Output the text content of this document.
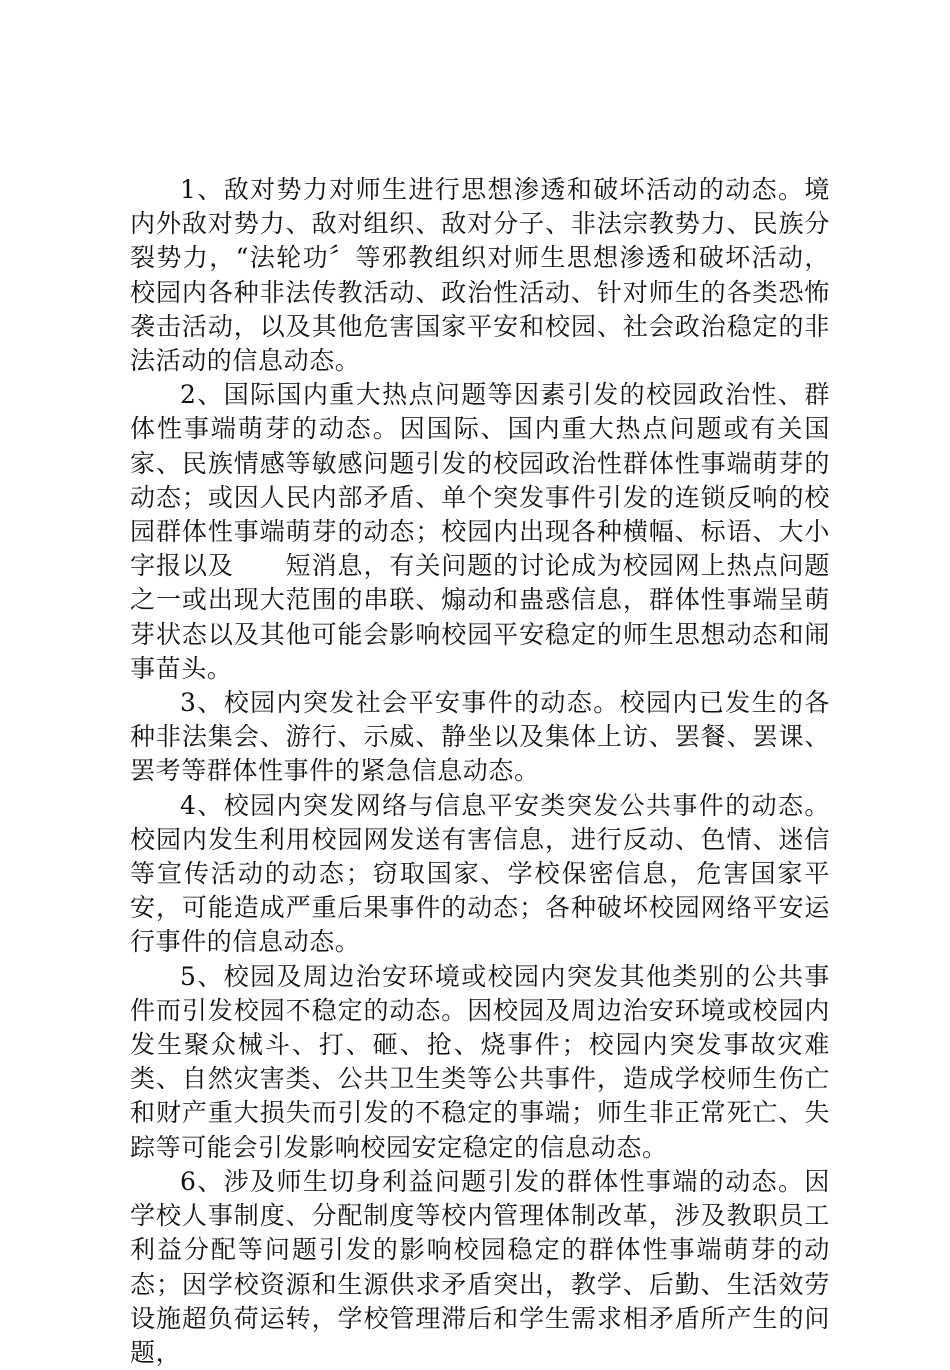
1、敌对势力对师生进行思想渗透和破坏活动的动态。境内外敌对势力、敌对组织、敌对分子、非法宗教势力、民族分裂势力，“法轮功〞等邪教组织对师生思想渗透和破坏活动，校园内各种非法传教活动、政治性活动、针对师生的各类恐怖袭击活动，以及其他危害国家平安和校园、社会政治稳定的非法活动的信息动态。

2、国际国内重大热点问题等因素引发的校园政治性、群体性事端萌芽的动态。因国际、国内重大热点问题或有关国家、民族情感等敏感问题引发的校园政治性群体性事端萌芽的动态；或因人民内部矛盾、单个突发事件引发的连锁反响的校园群体性事端萌芽的动态；校园内出现各种横幅、标语、大小字报以及　　短消息，有关问题的讨论成为校园网上热点问题之一或出现大范围的串联、煽动和蛊惑信息，群体性事端呈萌芽状态以及其他可能会影响校园平安稳定的师生思想动态和闹事苗头。

3、校园内突发社会平安事件的动态。校园内已发生的各种非法集会、游行、示威、静坐以及集体上访、罢餐、罢课、罢考等群体性事件的紧急信息动态。

4、校园内突发网络与信息平安类突发公共事件的动态。校园内发生利用校园网发送有害信息，进行反动、色情、迷信等宣传活动的动态；窃取国家、学校保密信息，危害国家平安，可能造成严重后果事件的动态；各种破坏校园网络平安运行事件的信息动态。

5、校园及周边治安环境或校园内突发其他类别的公共事件而引发校园不稳定的动态。因校园及周边治安环境或校园内发生聚众械斗、打、砸、抢、烧事件；校园内突发事故灾难类、自然灾害类、公共卫生类等公共事件，造成学校师生伤亡和财产重大损失而引发的不稳定的事端；师生非正常死亡、失踪等可能会引发影响校园安定稳定的信息动态。

6、涉及师生切身利益问题引发的群体性事端的动态。因学校人事制度、分配制度等校内管理体制改革，涉及教职员工利益分配等问题引发的影响校园稳定的群体性事端萌芽的动态；因学校资源和生源供求矛盾突出，教学、后勤、生活效劳设施超负荷运转，学校管理滞后和学生需求相矛盾所产生的问题，
